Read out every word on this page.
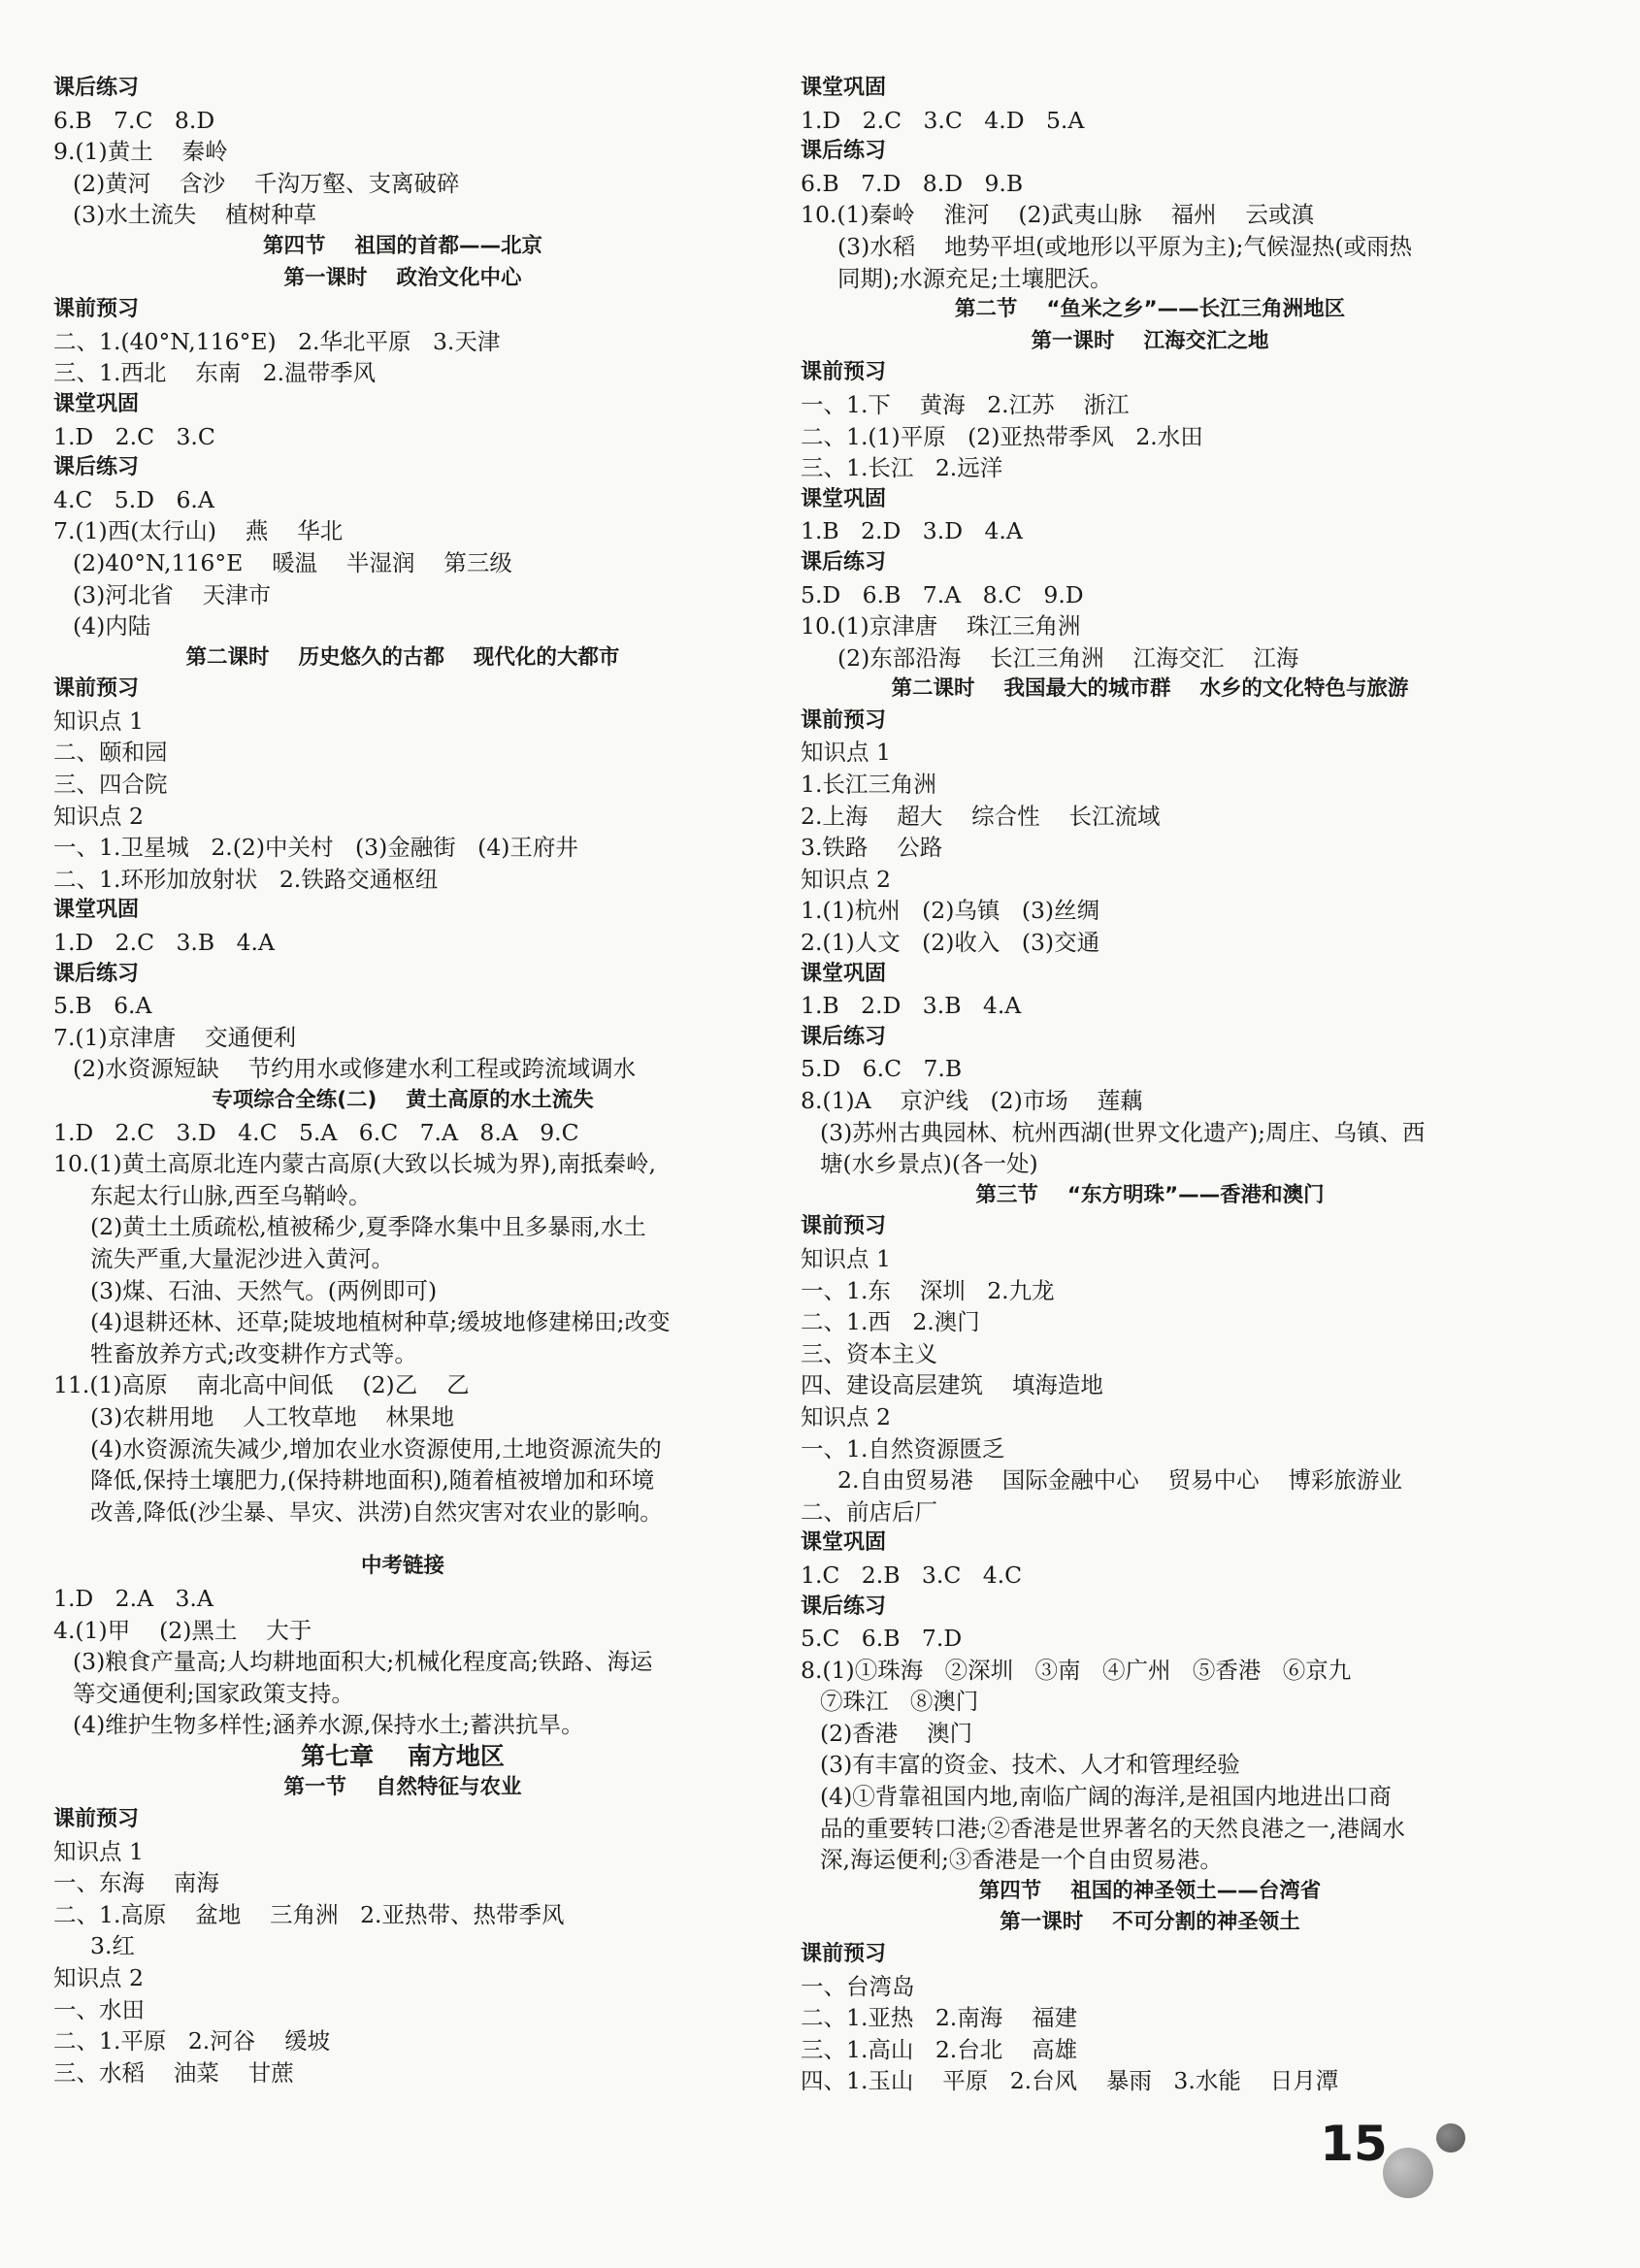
课后练习
6.B   7.C   8.D
9.(1)黄土    秦岭
(2)黄河    含沙    千沟万壑、支离破碎
(3)水土流失    植树种草
第四节    祖国的首都——北京
第一课时    政治文化中心
课前预习
二、1.(40°N,116°E)   2.华北平原   3.天津
三、1.西北    东南   2.温带季风
课堂巩固
1.D   2.C   3.C
课后练习
4.C   5.D   6.A
7.(1)西(太行山)    燕    华北
(2)40°N,116°E    暖温    半湿润    第三级
(3)河北省    天津市
(4)内陆
第二课时    历史悠久的古都    现代化的大都市
课前预习
知识点 1
二、颐和园
三、四合院
知识点 2
一、1.卫星城   2.(2)中关村   (3)金融街   (4)王府井
二、1.环形加放射状   2.铁路交通枢纽
课堂巩固
1.D   2.C   3.B   4.A
课后练习
5.B   6.A
7.(1)京津唐    交通便利
(2)水资源短缺    节约用水或修建水利工程或跨流域调水
专项综合全练(二)    黄土高原的水土流失
1.D   2.C   3.D   4.C   5.A   6.C   7.A   8.A   9.C
10.(1)黄土高原北连内蒙古高原(大致以长城为界),南抵秦岭,
东起太行山脉,西至乌鞘岭。
(2)黄土土质疏松,植被稀少,夏季降水集中且多暴雨,水土
流失严重,大量泥沙进入黄河。
(3)煤、石油、天然气。(两例即可)
(4)退耕还林、还草;陡坡地植树种草;缓坡地修建梯田;改变
牲畜放养方式;改变耕作方式等。
11.(1)高原    南北高中间低    (2)乙    乙
(3)农耕用地    人工牧草地    林果地
(4)水资源流失减少,增加农业水资源使用,土地资源流失的
降低,保持土壤肥力,(保持耕地面积),随着植被增加和环境
改善,降低(沙尘暴、旱灾、洪涝)自然灾害对农业的影响。
中考链接
1.D   2.A   3.A
4.(1)甲    (2)黑土    大于
(3)粮食产量高;人均耕地面积大;机械化程度高;铁路、海运
等交通便利;国家政策支持。
(4)维护生物多样性;涵养水源,保持水土;蓄洪抗旱。
第七章    南方地区
第一节    自然特征与农业
课前预习
知识点 1
一、东海    南海
二、1.高原    盆地    三角洲   2.亚热带、热带季风
3.红
知识点 2
一、水田
二、1.平原   2.河谷    缓坡
三、水稻    油菜    甘蔗
课堂巩固
1.D   2.C   3.C   4.D   5.A
课后练习
6.B   7.D   8.D   9.B
10.(1)秦岭    淮河    (2)武夷山脉    福州    云或滇
(3)水稻    地势平坦(或地形以平原为主);气候湿热(或雨热
同期);水源充足;土壤肥沃。
第二节    “鱼米之乡”——长江三角洲地区
第一课时    江海交汇之地
课前预习
一、1.下    黄海   2.江苏    浙江
二、1.(1)平原   (2)亚热带季风   2.水田
三、1.长江   2.远洋
课堂巩固
1.B   2.D   3.D   4.A
课后练习
5.D   6.B   7.A   8.C   9.D
10.(1)京津唐    珠江三角洲
(2)东部沿海    长江三角洲    江海交汇    江海
第二课时    我国最大的城市群    水乡的文化特色与旅游
课前预习
知识点 1
1.长江三角洲
2.上海    超大    综合性    长江流域
3.铁路    公路
知识点 2
1.(1)杭州   (2)乌镇   (3)丝绸
2.(1)人文   (2)收入   (3)交通
课堂巩固
1.B   2.D   3.B   4.A
课后练习
5.D   6.C   7.B
8.(1)A    京沪线   (2)市场    莲藕
(3)苏州古典园林、杭州西湖(世界文化遗产);周庄、乌镇、西
塘(水乡景点)(各一处)
第三节    “东方明珠”——香港和澳门
课前预习
知识点 1
一、1.东    深圳   2.九龙
二、1.西   2.澳门
三、资本主义
四、建设高层建筑    填海造地
知识点 2
一、1.自然资源匮乏
2.自由贸易港    国际金融中心    贸易中心    博彩旅游业
二、前店后厂
课堂巩固
1.C   2.B   3.C   4.C
课后练习
5.C   6.B   7.D
8.(1)①珠海   ②深圳   ③南   ④广州   ⑤香港   ⑥京九
⑦珠江   ⑧澳门
(2)香港    澳门
(3)有丰富的资金、技术、人才和管理经验
(4)①背靠祖国内地,南临广阔的海洋,是祖国内地进出口商
品的重要转口港;②香港是世界著名的天然良港之一,港阔水
深,海运便利;③香港是一个自由贸易港。
第四节    祖国的神圣领土——台湾省
第一课时    不可分割的神圣领土
课前预习
一、台湾岛
二、1.亚热   2.南海    福建
三、1.高山   2.台北    高雄
四、1.玉山    平原   2.台风    暴雨   3.水能    日月潭
15
